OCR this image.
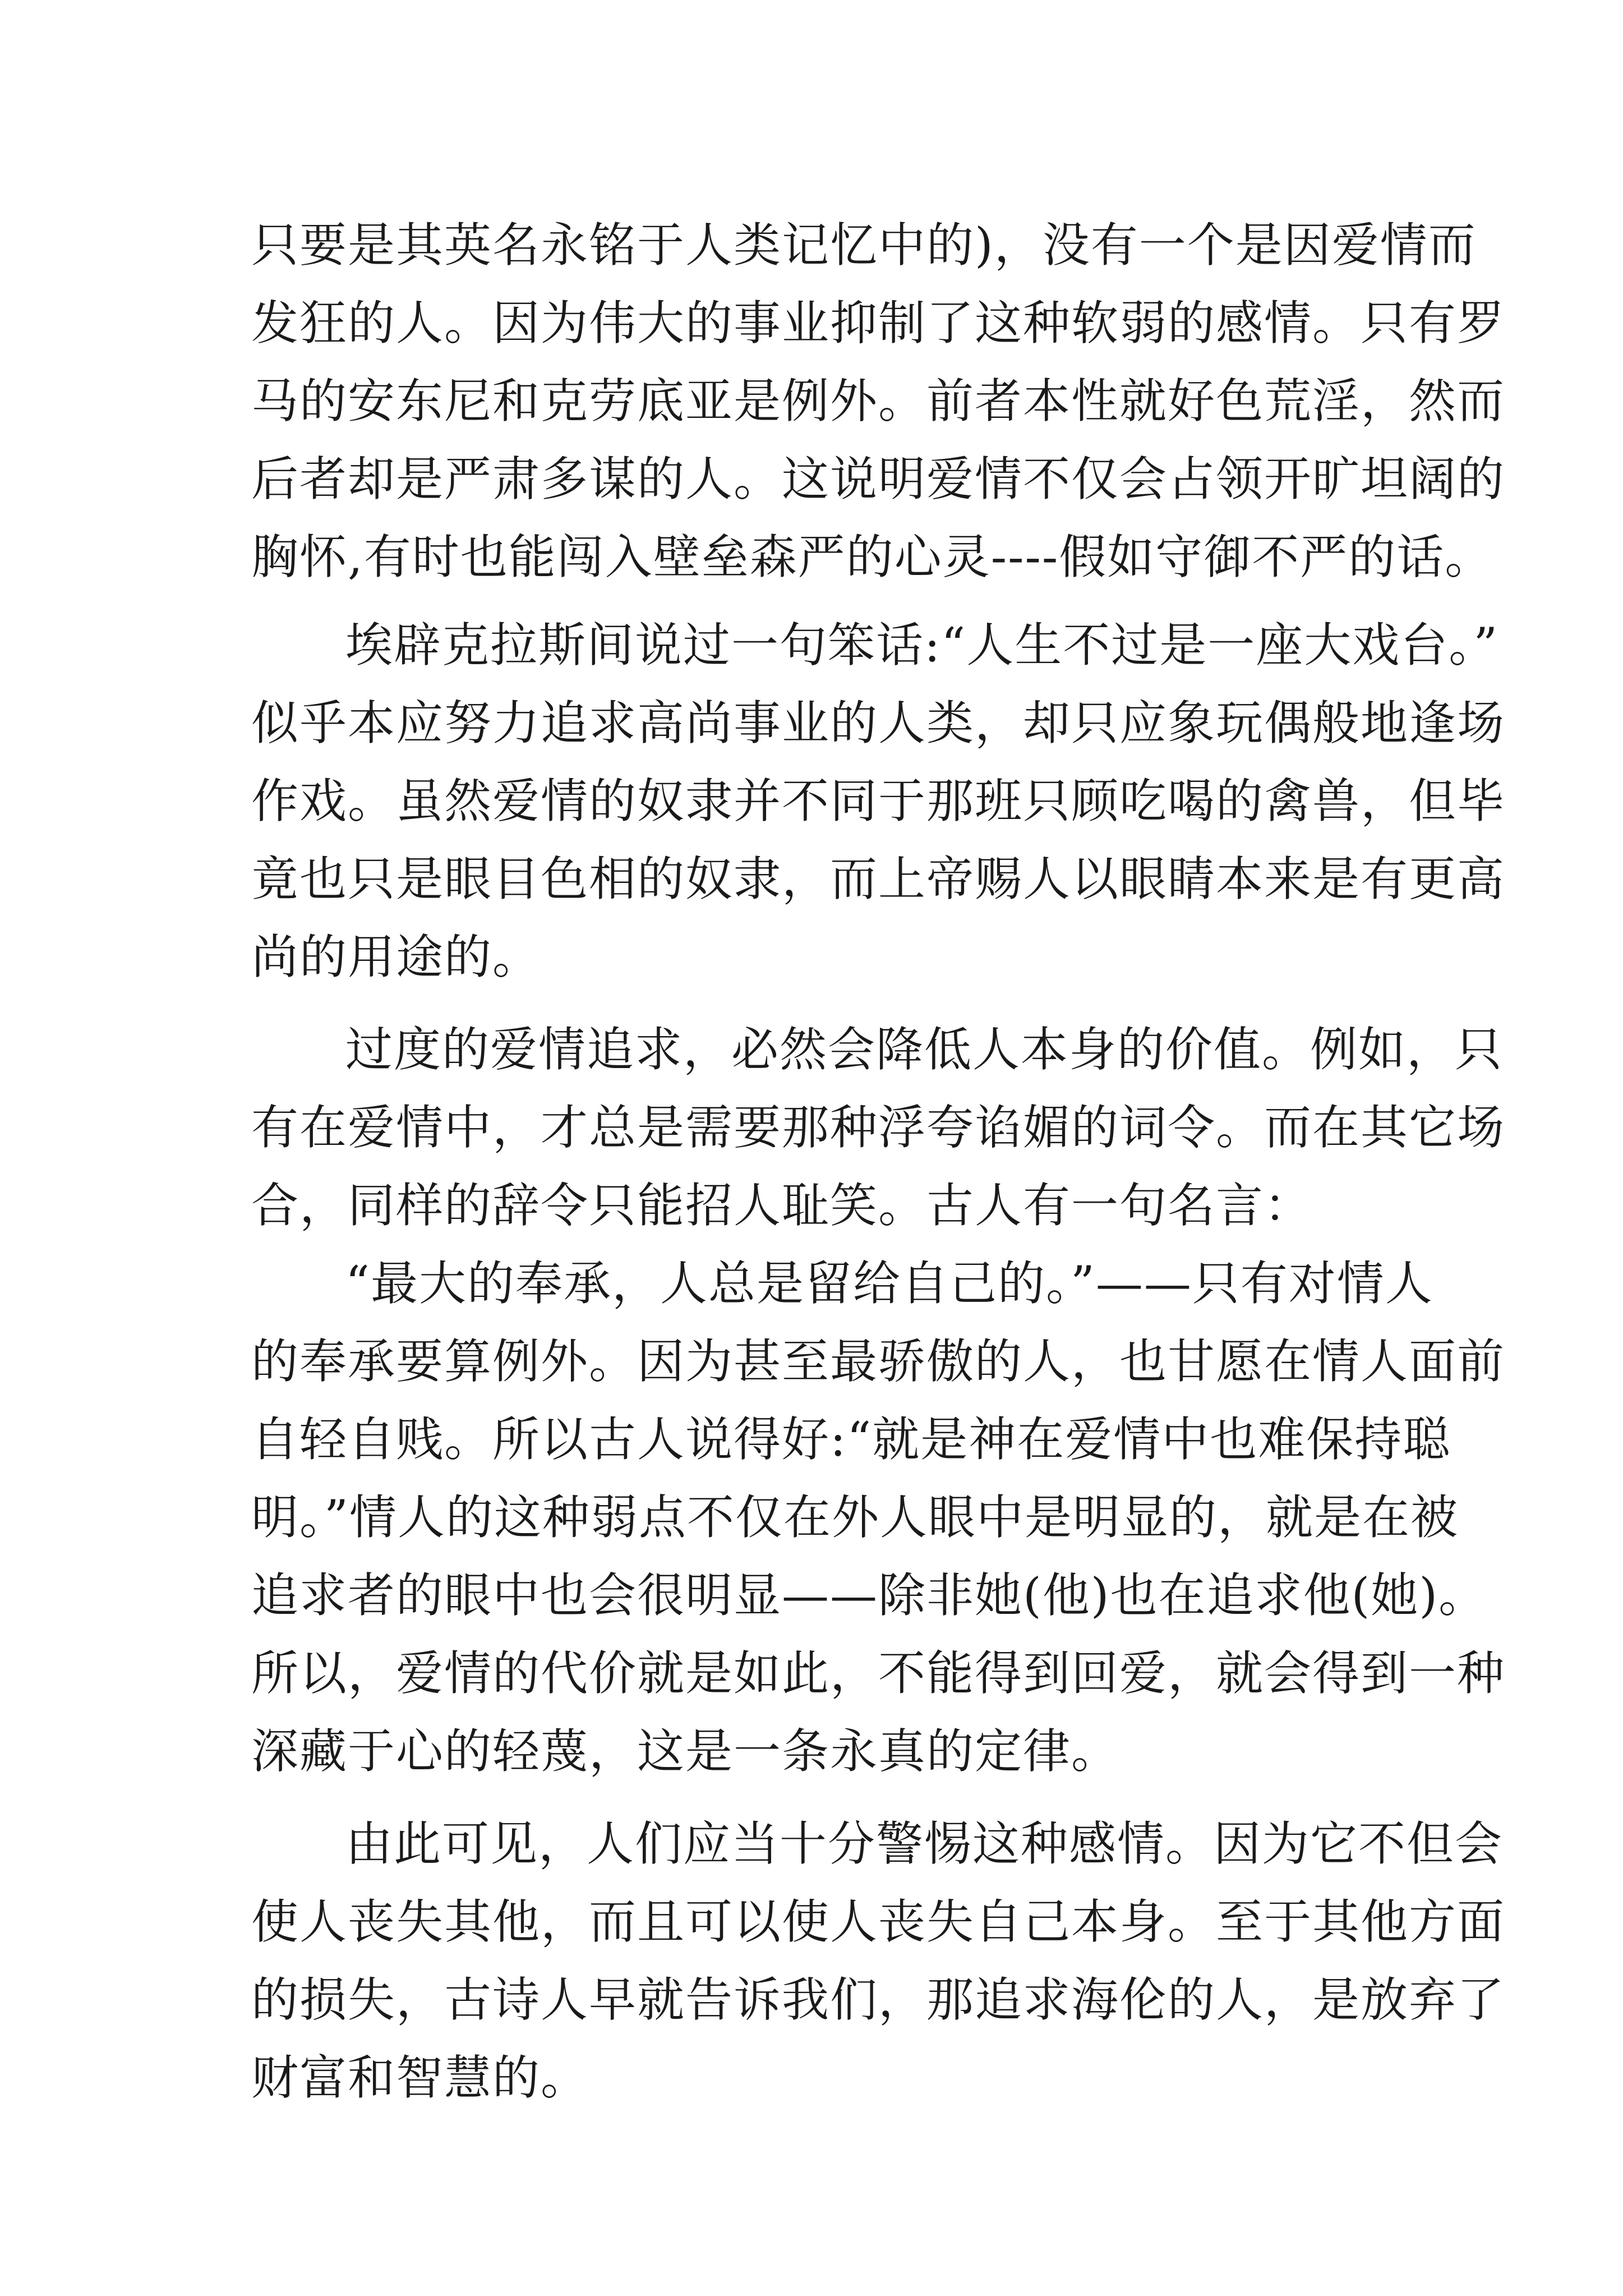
只要是其英名永铭于人类记忆中的)，没有一个是因爱情而
发狂的人。因为伟大的事业抑制了这种软弱的感情。只有罗
马的安东尼和克劳底亚是例外。前者本性就好色荒淫，然而
后者却是严肃多谋的人。这说明爱情不仅会占领开旷坦阔的
胸怀,有时也能闯入壁垒森严的心灵----假如守御不严的话。
埃辟克拉斯间说过一句笨话:“人生不过是一座大戏台。”
似乎本应努力追求高尚事业的人类，却只应象玩偶般地逢场
作戏。虽然爱情的奴隶并不同于那班只顾吃喝的禽兽，但毕
竟也只是眼目色相的奴隶，而上帝赐人以眼睛本来是有更高
尚的用途的。
过度的爱情追求，必然会降低人本身的价值。例如，只
有在爱情中，才总是需要那种浮夸谄媚的词令。而在其它场
合，同样的辞令只能招人耻笑。古人有一句名言：
“最大的奉承，人总是留给自己的。”——只有对情人
的奉承要算例外。因为甚至最骄傲的人，也甘愿在情人面前
自轻自贱。所以古人说得好:“就是神在爱情中也难保持聪
明。”情人的这种弱点不仅在外人眼中是明显的，就是在被
追求者的眼中也会很明显——除非她(他)也在追求他(她)。
所以，爱情的代价就是如此，不能得到回爱，就会得到一种
深藏于心的轻蔑，这是一条永真的定律。
由此可见，人们应当十分警惕这种感情。因为它不但会
使人丧失其他，而且可以使人丧失自己本身。至于其他方面
的损失，古诗人早就告诉我们，那追求海伦的人，是放弃了
财富和智慧的。
